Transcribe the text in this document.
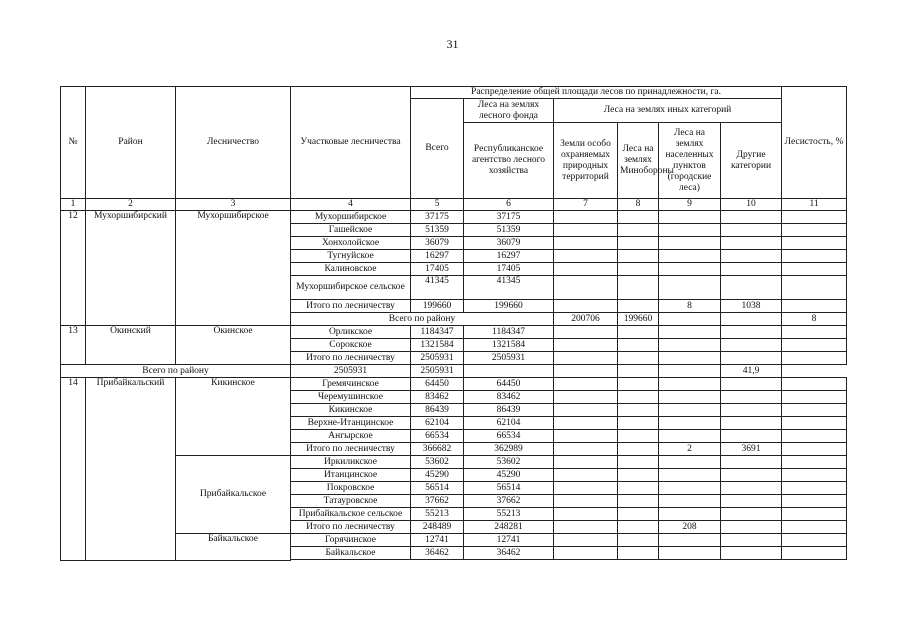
31
№	Район	Лесничество	Участковые лесничества	Распределение общей площади лесов по принадлежности, га.						Лесистость, %	
				Всего	Леса на землях лесного фонда	Леса на землях иных категорий					
					Республиканское агентство лесного хозяйства	Земли особо охраняемых природных территорий	Леса на землях Минобороны	Леса на землях населенных пунктов (городские леса)	Другие категории		

1	2	3	4	5	6	7	8	9	10	11	
12	Мухоршибирский	Мухоршибирское	Мухоршибирское	37175	37175						
			Гашейское	51359	51359						
			Хонхолойское	36079	36079						
			Тугнуйское	16297	16297						
			Калиновское	17405	17405						
			Мухоршибирское сельское	41345	41345						
			Итого по лесничеству	199660	199660			8	1038		
			Всего по району			200706	199660			8		
13	Окинский	Окинское	Орликское	1184347	1184347						
			Сорокское	1321584	1321584						
			Итого по лесничеству	2505931	2505931						
Всего по району			2505931	2505931					41,9		
14	Прибайкальский	Кикинское	Гремячинское	64450	64450						
			Черемушинское	83462	83462						
			Кикинское	86439	86439						
			Верхне-Итанцинское	62104	62104						
			Ангырское	66534	66534						
			Итого по лесничеству	366682	362989			2	3691		
		Прибайкальское	Иркиликское	53602	53602						
			Итанцинское	45290	45290						
			Покровское	56514	56514						
			Татауровское	37662	37662						
			Прибайкальское сельское	55213	55213						
			Итого по лесничеству	248489	248281			208			
		Байкальское	Горячинское	12741	12741						
			Байкальское	36462	36462						
